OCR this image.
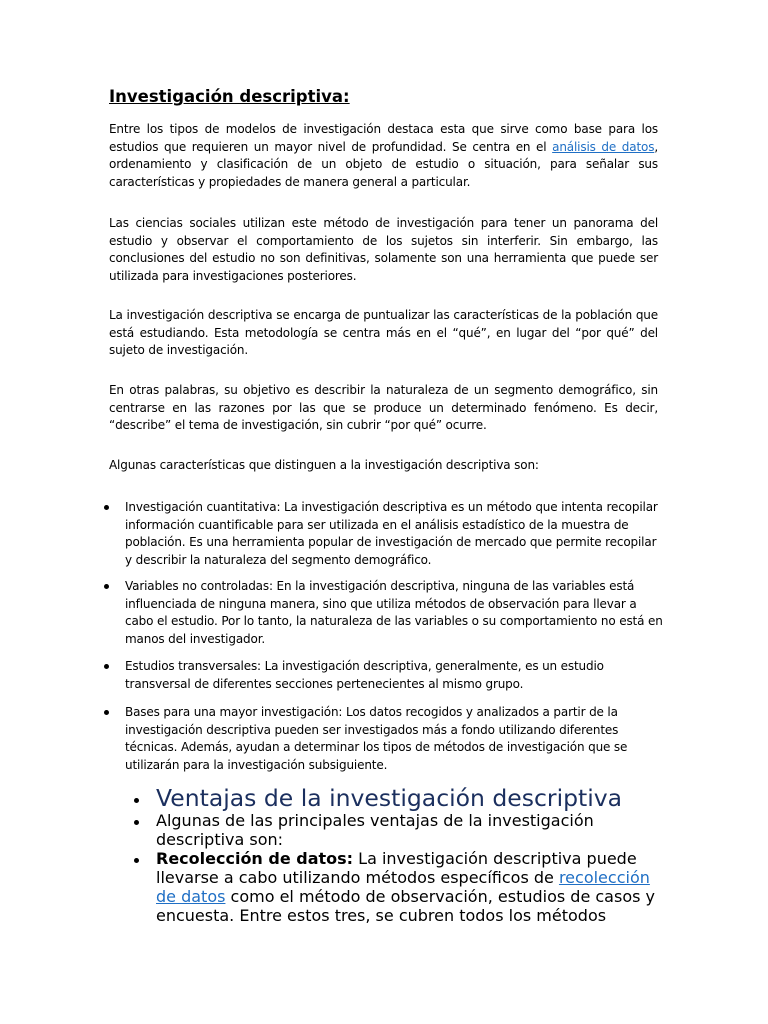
Investigación descriptiva:

Entre los tipos de modelos de investigación destaca esta que sirve como base para los estudios que requieren un mayor nivel de profundidad. Se centra en el análisis de datos, ordenamiento y clasificación de un objeto de estudio o situación, para señalar sus características y propiedades de manera general a particular.

Las ciencias sociales utilizan este método de investigación para tener un panorama del estudio y observar el comportamiento de los sujetos sin interferir. Sin embargo, las conclusiones del estudio no son definitivas, solamente son una herramienta que puede ser utilizada para investigaciones posteriores.

La investigación descriptiva se encarga de puntualizar las características de la población que está estudiando. Esta metodología se centra más en el “qué”, en lugar del “por qué” del sujeto de investigación.

En otras palabras, su objetivo es describir la naturaleza de un segmento demográfico, sin centrarse en las razones por las que se produce un determinado fenómeno. Es decir, “describe” el tema de investigación, sin cubrir “por qué” ocurre.

Algunas características que distinguen a la investigación descriptiva son:

Investigación cuantitativa: La investigación descriptiva es un método que intenta recopilar información cuantificable para ser utilizada en el análisis estadístico de la muestra de población. Es una herramienta popular de investigación de mercado que permite recopilar y describir la naturaleza del segmento demográfico.
Variables no controladas: En la investigación descriptiva, ninguna de las variables está influenciada de ninguna manera, sino que utiliza métodos de observación para llevar a cabo el estudio. Por lo tanto, la naturaleza de las variables o su comportamiento no está en manos del investigador.
Estudios transversales: La investigación descriptiva, generalmente, es un estudio transversal de diferentes secciones pertenecientes al mismo grupo.
Bases para una mayor investigación: Los datos recogidos y analizados a partir de la investigación descriptiva pueden ser investigados más a fondo utilizando diferentes técnicas. Además, ayudan a determinar los tipos de métodos de investigación que se utilizarán para la investigación subsiguiente.
Ventajas de la investigación descriptiva
Algunas de las principales ventajas de la investigación descriptiva son:
Recolección de datos: La investigación descriptiva puede llevarse a cabo utilizando métodos específicos de recolección de datos como el método de observación, estudios de casos y encuesta. Entre estos tres, se cubren todos los métodos
